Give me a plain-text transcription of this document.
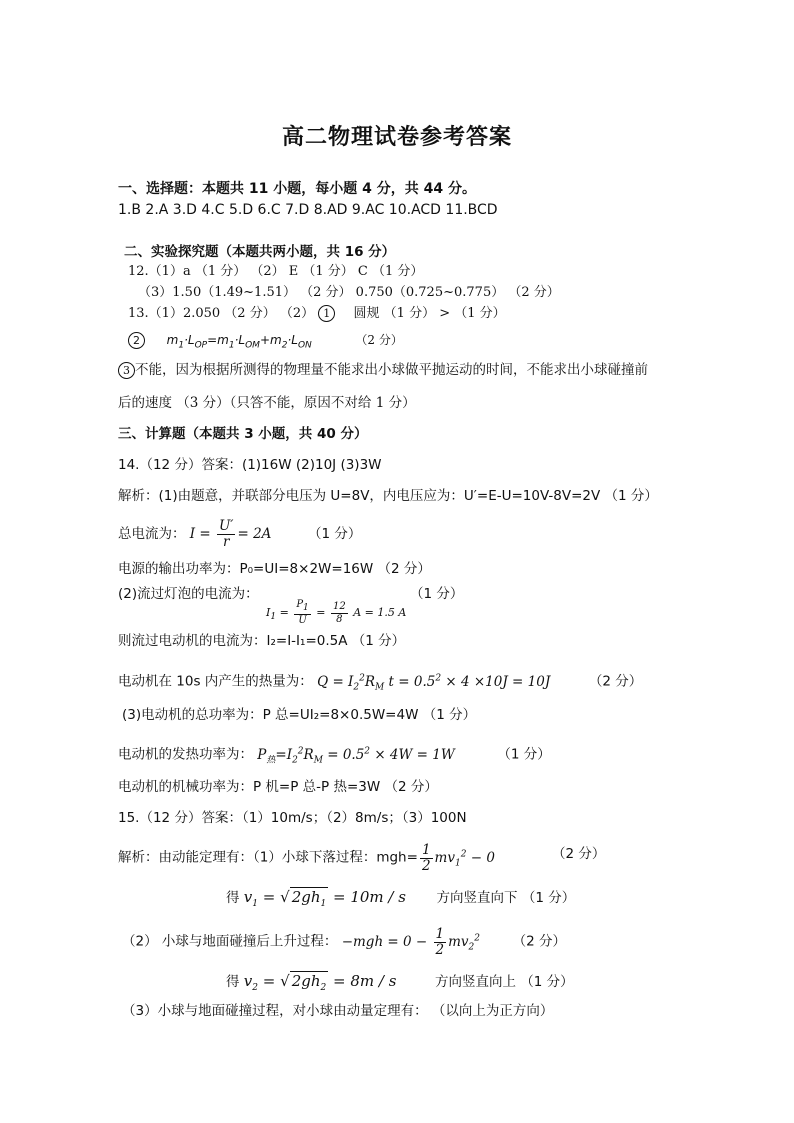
高二物理试卷参考答案
一、选择题：本题共 11 小题，每小题 4 分，共 44 分。
1.B 2.A 3.D 4.C 5.D 6.C 7.D 8.AD 9.AC 10.ACD 11.BCD
二、实验探究题（本题共两小题，共 16 分）
12.（1）a （1 分） （2） E （1 分） C （1 分）
（3）1.50（1.49~1.51） （2 分） 0.750（0.725~0.775） （2 分）
13.（1）2.050 （2 分） （2） 1 圆规 （1 分） > （1 分）
2 $m_1\cdot L_{OP}=m_1\cdot L_{OM}+m_2\cdot L_{ON}$	（2 分）
3 不能，因为根据所测得的物理量不能求出小球做平抛运动的时间，不能求出小球碰撞前
后的速度 （3 分）（只答不能，原因不对给 1 分）
三、计算题（本题共 3 小题，共 40 分）
14.（12 分）答案：(1)16W (2)10J (3)3W
解析：(1)由题意，并联部分电压为 U=8V，内电压应为：U′=E-U=10V-8V=2V （1 分）
总电流为： $I = \frac{U'}{r} = 2A$	（1 分）
电源的输出功率为：P₀=UI=8×2W=16W （2 分）
(2)流过灯泡的电流为：
$I_1 = \frac{P_1}{U} = \frac{12}{8}$ A = 1.5 A
（1 分）
则流过电动机的电流为：I₂=I-I₁=0.5A （1 分）
电动机在 10s 内产生的热量为： $Q = I_2^2R_M$ $t = 0.5^2 \times 4 \times 10J = 10J$	（2 分）
(3)电动机的总功率为：P 总=UI₂=8×0.5W=4W （1 分）
电动机的发热功率为： $P_热=I_2^2R_M = 0.5^2 \times 4W = 1W$	（1 分）
电动机的机械功率为：P 机=P 总-P 热=3W （2 分）
15.（12 分）答案：（1）10m/s；（2）8m/s；（3）100N
解析：由动能定理有：（1）小球下落过程：$mgh= \frac{1}{2} mv_1^2 - 0$	（2 分）
得 $v_1$ = √ $2gh_1 = 10m / s$ 方向竖直向下 （1 分）
（2） 小球与地面碰撞后上升过程： $-mgh = 0 - \frac{1}{2} mv_2^2$ （2 分）
得 $v_2$ = √ $2gh_2 = 8m / s$	方向竖直向上 （1 分）
（3）小球与地面碰撞过程，对小球由动量定理有： （以向上为正方向）
